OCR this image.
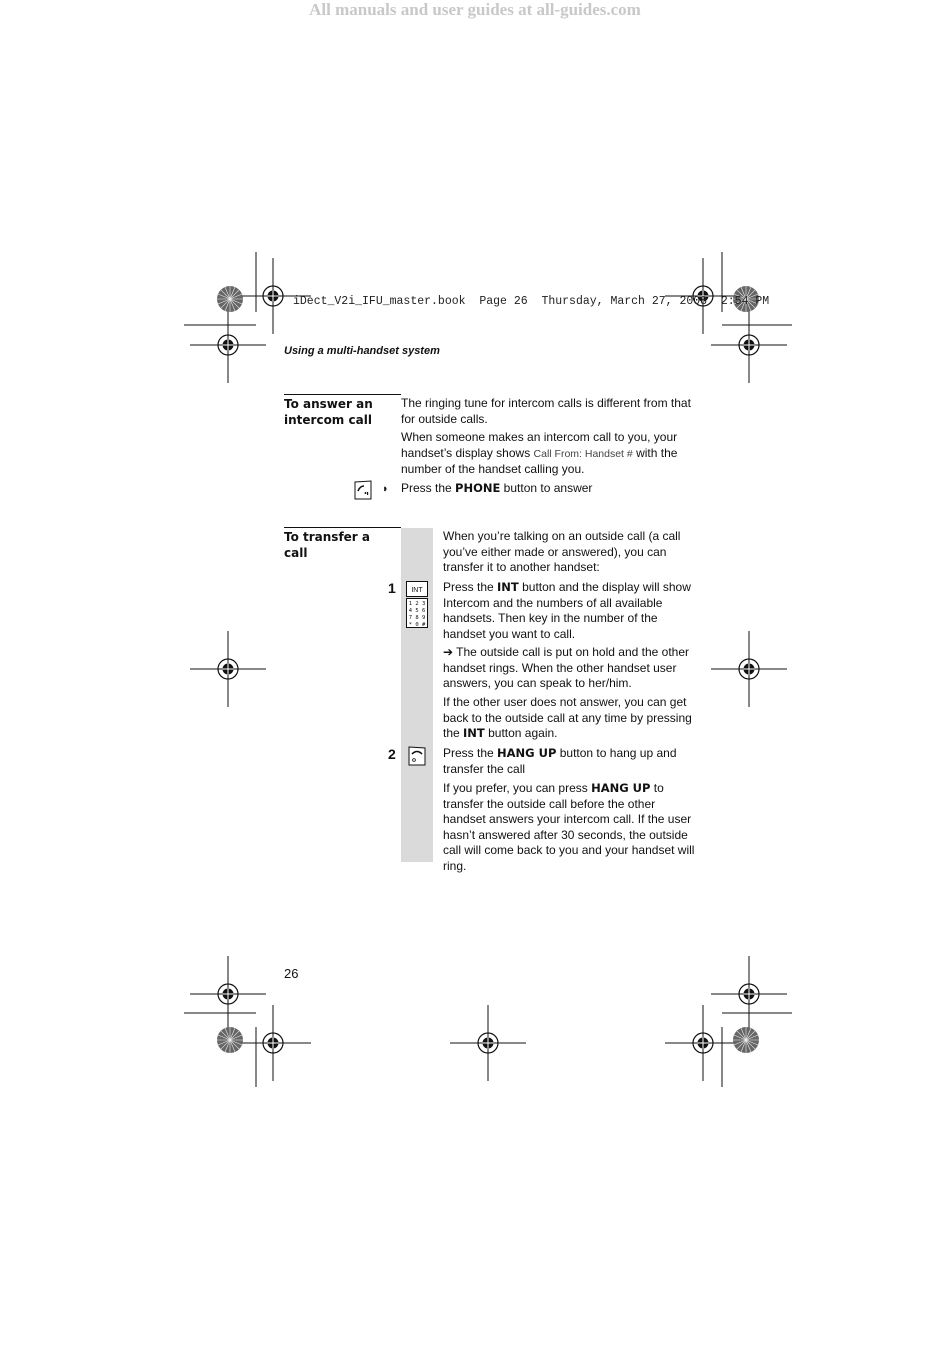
All manuals and user guides at all-guides.com
iDect_V2i_IFU_master.book  Page 26  Thursday, March 27, 2008  2:54 PM
Using a multi-handset system
To answer an
intercom call
The ringing tune for intercom calls is different from that for outside calls.
When someone makes an intercom call to you, your handset’s display shows Call From: Handset # with the number of the handset calling you.
◗ Press the PHONE button to answer
To transfer a
call
When you’re talking on an outside call (a call you’ve either made or answered), you can transfer it to another handset:
1 INT
1 2 3
4 5 6
7 8 9
* 0 #
Press the INT button and the display will show Intercom and the numbers of all available handsets. Then key in the number of the handset you want to call.
➔ The outside call is put on hold and the other handset rings. When the other handset user answers, you can speak to her/him.
If the other user does not answer, you can get back to the outside call at any time by pressing the INT button again.
2	Press the HANG UP button to hang up and transfer the call
If you prefer, you can press HANG UP to transfer the outside call before the other handset answers your intercom call. If the user hasn’t answered after 30 seconds, the outside call will come back to you and your handset will ring.
26
